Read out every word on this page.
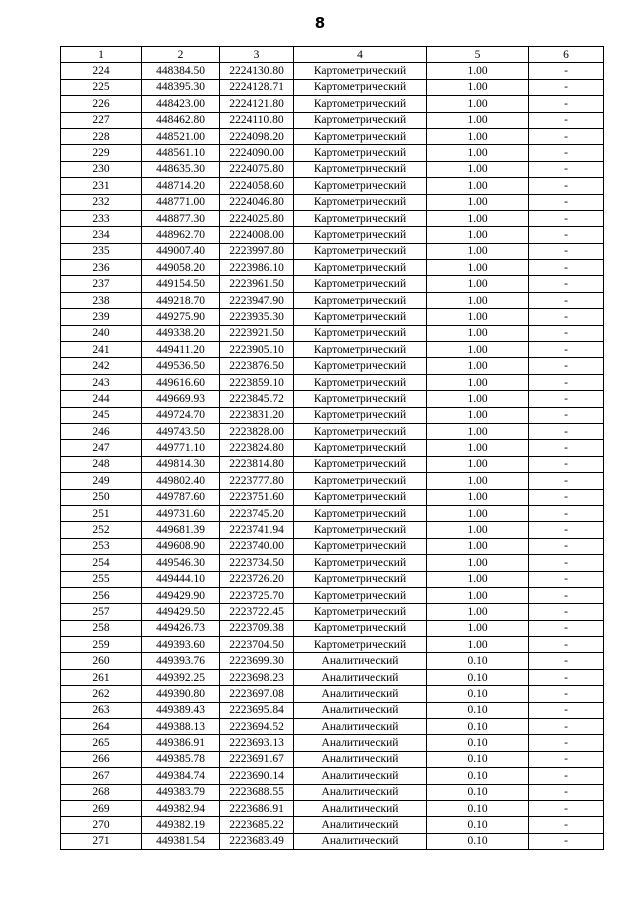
8
1	2	3	4	5	6
224	448384.50	2224130.80	Картометрический	1.00	-
225	448395.30	2224128.71	Картометрический	1.00	-
226	448423.00	2224121.80	Картометрический	1.00	-
227	448462.80	2224110.80	Картометрический	1.00	-
228	448521.00	2224098.20	Картометрический	1.00	-
229	448561.10	2224090.00	Картометрический	1.00	-
230	448635.30	2224075.80	Картометрический	1.00	-
231	448714.20	2224058.60	Картометрический	1.00	-
232	448771.00	2224046.80	Картометрический	1.00	-
233	448877.30	2224025.80	Картометрический	1.00	-
234	448962.70	2224008.00	Картометрический	1.00	-
235	449007.40	2223997.80	Картометрический	1.00	-
236	449058.20	2223986.10	Картометрический	1.00	-
237	449154.50	2223961.50	Картометрический	1.00	-
238	449218.70	2223947.90	Картометрический	1.00	-
239	449275.90	2223935.30	Картометрический	1.00	-
240	449338.20	2223921.50	Картометрический	1.00	-
241	449411.20	2223905.10	Картометрический	1.00	-
242	449536.50	2223876.50	Картометрический	1.00	-
243	449616.60	2223859.10	Картометрический	1.00	-
244	449669.93	2223845.72	Картометрический	1.00	-
245	449724.70	2223831.20	Картометрический	1.00	-
246	449743.50	2223828.00	Картометрический	1.00	-
247	449771.10	2223824.80	Картометрический	1.00	-
248	449814.30	2223814.80	Картометрический	1.00	-
249	449802.40	2223777.80	Картометрический	1.00	-
250	449787.60	2223751.60	Картометрический	1.00	-
251	449731.60	2223745.20	Картометрический	1.00	-
252	449681.39	2223741.94	Картометрический	1.00	-
253	449608.90	2223740.00	Картометрический	1.00	-
254	449546.30	2223734.50	Картометрический	1.00	-
255	449444.10	2223726.20	Картометрический	1.00	-
256	449429.90	2223725.70	Картометрический	1.00	-
257	449429.50	2223722.45	Картометрический	1.00	-
258	449426.73	2223709.38	Картометрический	1.00	-
259	449393.60	2223704.50	Картометрический	1.00	-
260	449393.76	2223699.30	Аналитический	0.10	-
261	449392.25	2223698.23	Аналитический	0.10	-
262	449390.80	2223697.08	Аналитический	0.10	-
263	449389.43	2223695.84	Аналитический	0.10	-
264	449388.13	2223694.52	Аналитический	0.10	-
265	449386.91	2223693.13	Аналитический	0.10	-
266	449385.78	2223691.67	Аналитический	0.10	-
267	449384.74	2223690.14	Аналитический	0.10	-
268	449383.79	2223688.55	Аналитический	0.10	-
269	449382.94	2223686.91	Аналитический	0.10	-
270	449382.19	2223685.22	Аналитический	0.10	-
271	449381.54	2223683.49	Аналитический	0.10	-
